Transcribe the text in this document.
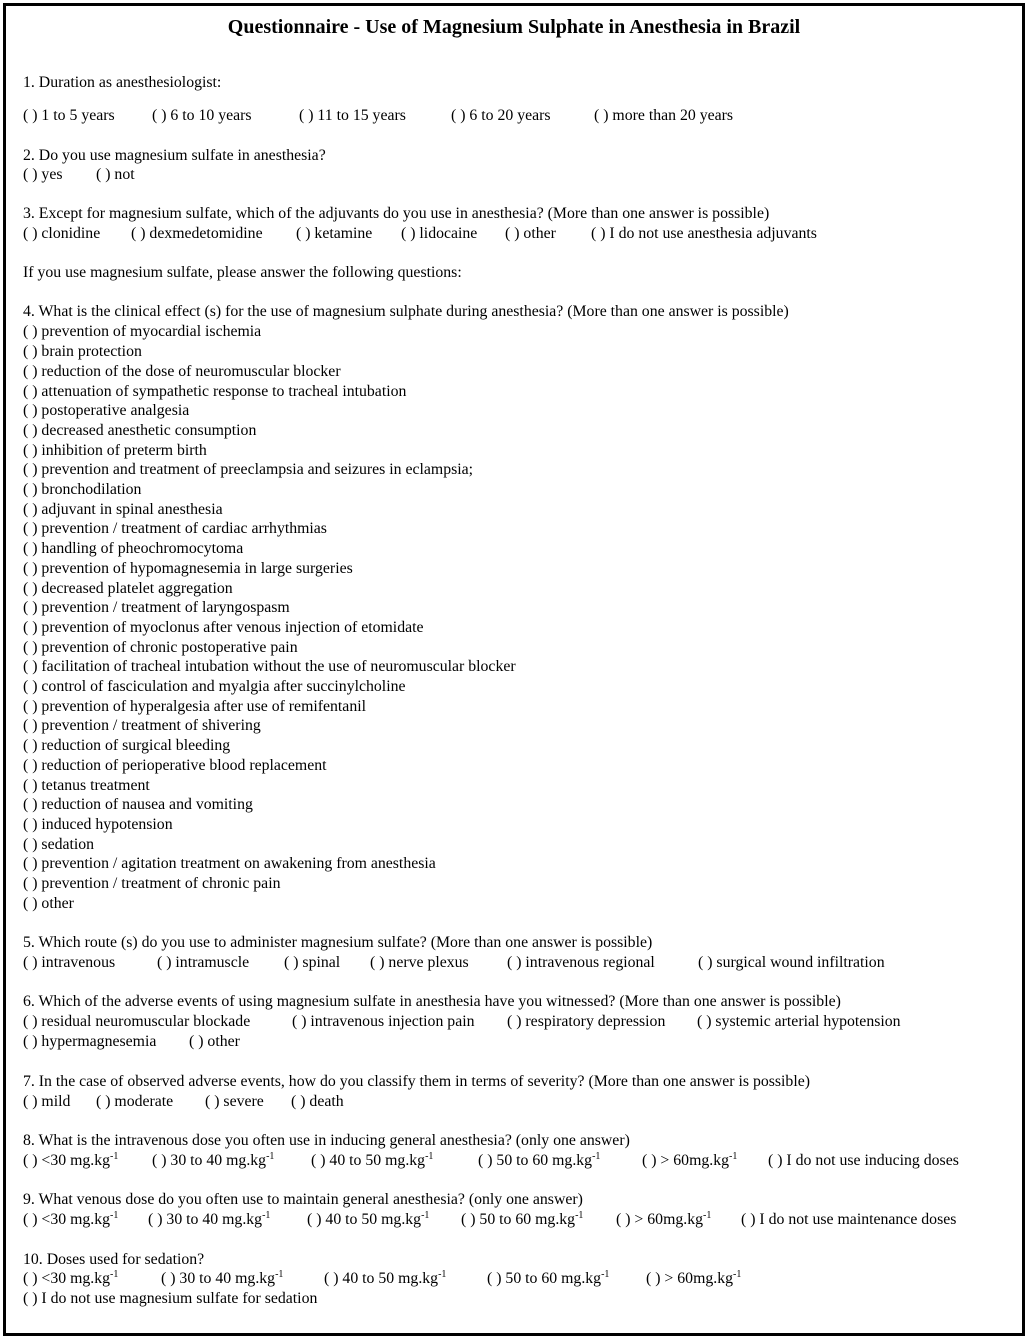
Questionnaire - Use of Magnesium Sulphate in Anesthesia in Brazil
1. Duration as anesthesiologist:
( ) 1 to 5 years ( ) 6 to 10 years	( ) 11 to 15 years	( ) 6 to 20 years	( ) more than 20 years
2. Do you use magnesium sulfate in anesthesia?
( ) yes ( ) not
3. Except for magnesium sulfate, which of the adjuvants do you use in anesthesia? (More than one answer is possible)
( ) clonidine ( ) dexmedetomidine ( ) ketamine ( ) lidocaine ( ) other ( ) I do not use anesthesia adjuvants
If you use magnesium sulfate, please answer the following questions:
4. What is the clinical effect (s) for the use of magnesium sulphate during anesthesia? (More than one answer is possible)
( ) prevention of myocardial ischemia
( ) brain protection
( ) reduction of the dose of neuromuscular blocker
( ) attenuation of sympathetic response to tracheal intubation
( ) postoperative analgesia
( ) decreased anesthetic consumption
( ) inhibition of preterm birth
( ) prevention and treatment of preeclampsia and seizures in eclampsia;
( ) bronchodilation
( ) adjuvant in spinal anesthesia
( ) prevention / treatment of cardiac arrhythmias
( ) handling of pheochromocytoma
( ) prevention of hypomagnesemia in large surgeries
( ) decreased platelet aggregation
( ) prevention / treatment of laryngospasm
( ) prevention of myoclonus after venous injection of etomidate
( ) prevention of chronic postoperative pain
( ) facilitation of tracheal intubation without the use of neuromuscular blocker
( ) control of fasciculation and myalgia after succinylcholine
( ) prevention of hyperalgesia after use of remifentanil
( ) prevention / treatment of shivering
( ) reduction of surgical bleeding
( ) reduction of perioperative blood replacement
( ) tetanus treatment
( ) reduction of nausea and vomiting
( ) induced hypotension
( ) sedation
( ) prevention / agitation treatment on awakening from anesthesia
( ) prevention / treatment of chronic pain
( ) other
5. Which route (s) do you use to administer magnesium sulfate? (More than one answer is possible)
( ) intravenous	( ) intramuscle ( ) spinal ( ) nerve plexus ( ) intravenous regional	( ) surgical wound infiltration
6. Which of the adverse events of using magnesium sulfate in anesthesia have you witnessed? (More than one answer is possible)
( ) residual neuromuscular blockade	( ) intravenous injection pain ( ) respiratory depression ( ) systemic arterial hypotension
( ) hypermagnesemia ( ) other
7. In the case of observed adverse events, how do you classify them in terms of severity? (More than one answer is possible)
( ) mild ( ) moderate ( ) severe ( ) death
8. What is the intravenous dose you often use in inducing general anesthesia? (only one answer)
( ) <30 $mg.kg^{-1}$ ( ) 30 to 40 $mg.kg^{-1}$ ( ) 40 to 50 $mg.kg^{-1}$	( ) 50 to 60 $mg.kg^{-1}$	( ) > $60mg.kg^{-1}$ ( ) I do not use inducing doses
9. What venous dose do you often use to maintain general anesthesia? (only one answer)
( ) <30 $mg.kg^{-1}$ ( ) 30 to 40 $mg.kg^{-1}$ ( ) 40 to 50 $mg.kg^{-1}$ ( ) 50 to 60 $mg.kg^{-1}$ ( ) > $60mg.kg^{-1}$ ( ) I do not use maintenance doses
10. Doses used for sedation?
( ) <30 $mg.kg^{-1}$	( ) 30 to 40 $mg.kg^{-1}$	( ) 40 to 50 $mg.kg^{-1}$	( ) 50 to 60 $mg.kg^{-1}$ ( ) > $60mg.kg^{-1}$
( ) I do not use magnesium sulfate for sedation
